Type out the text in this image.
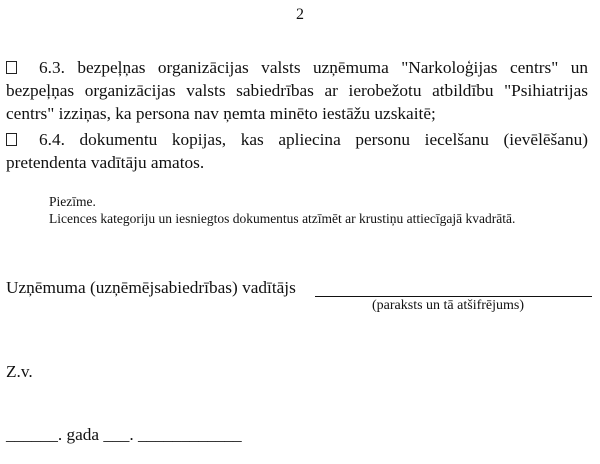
2
6.3. bezpeļņas organizācijas valsts uzņēmuma "Narkoloģijas centrs" un bezpeļņas organizācijas valsts sabiedrības ar ierobežotu atbildību "Psihiatrijas centrs" izziņas, ka persona nav ņemta minēto iestāžu uzskaitē;
6.4. dokumentu kopijas, kas apliecina personu iecelšanu (ievēlēšanu) pretendenta vadītāju amatos.
Piezīme.
Licences kategoriju un iesniegtos dokumentus atzīmēt ar krustiņu attiecīgajā kvadrātā.
Uzņēmuma (uzņēmējsabiedrības) vadītājs
(paraksts un tā atšifrējums)
Z.v.
______. gada ___. ____________
